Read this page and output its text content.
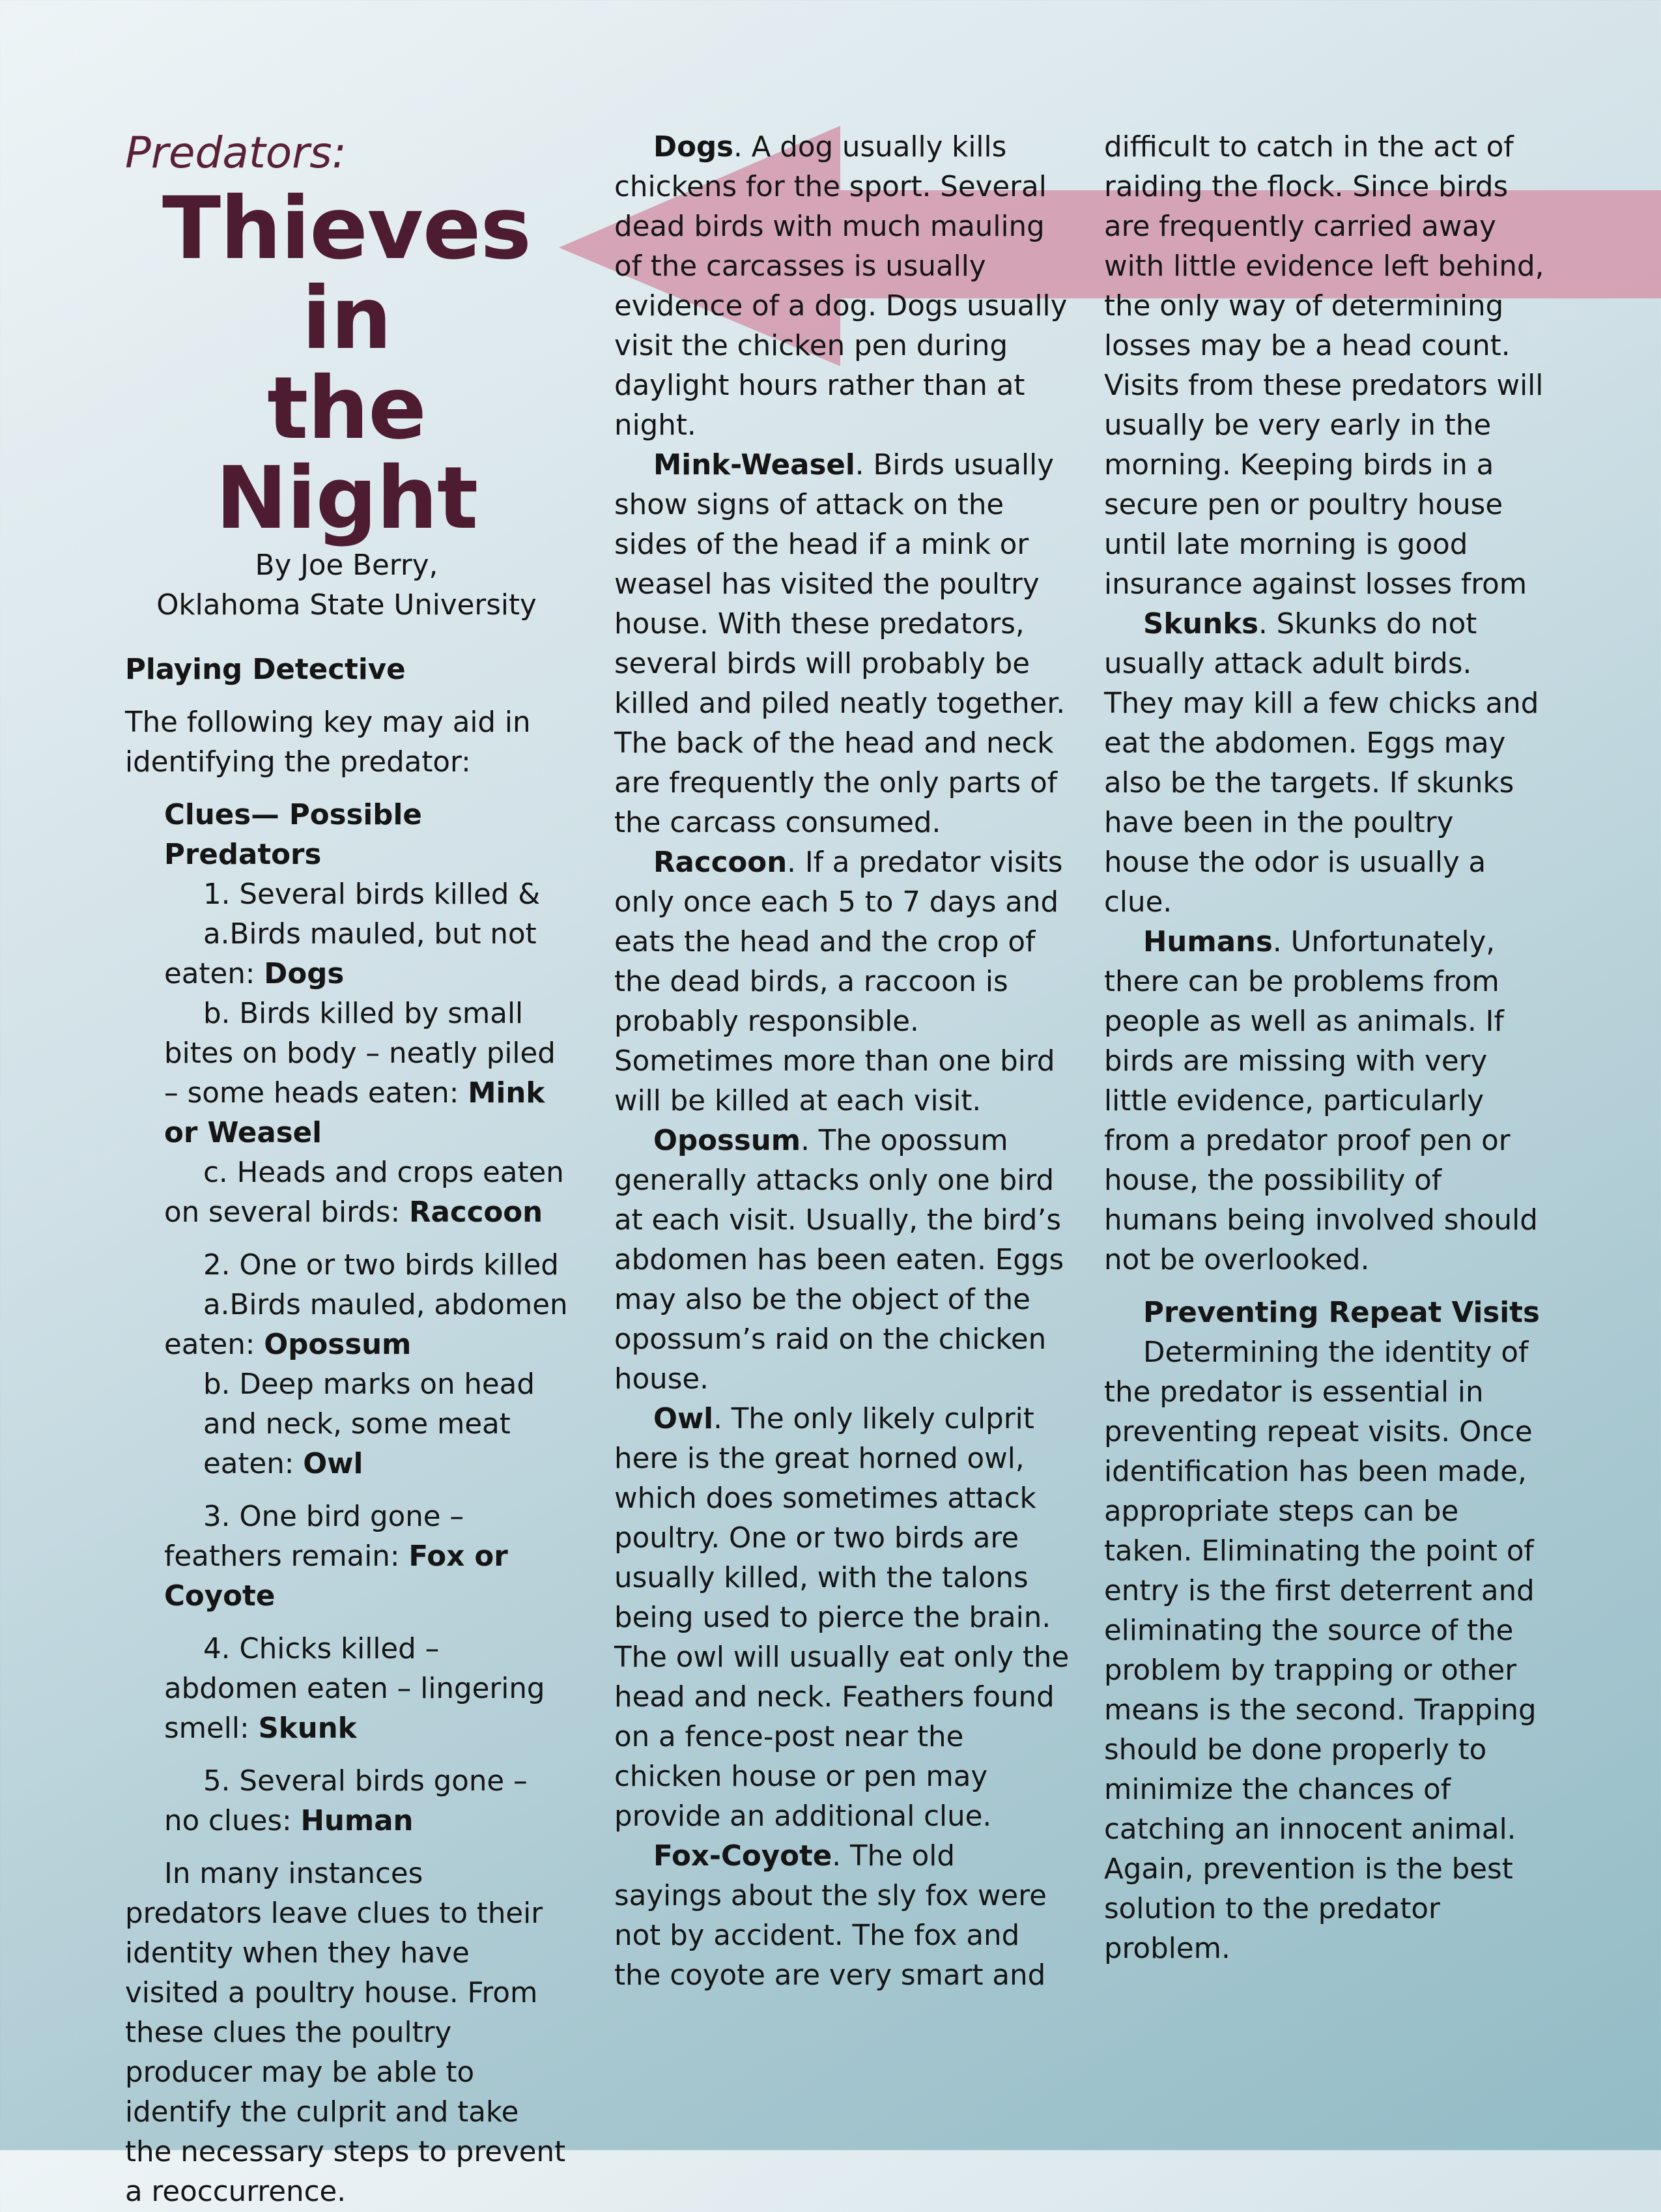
Predators:

Thieves in
the Night

By Joe Berry,
Oklahoma State University

Playing Detective

The following key may aid in identifying the predator:

Clues— Possible Predators

1. Several birds killed &

a.Birds mauled, but not eaten: Dogs

b. Birds killed by small bites on body – neatly piled – some heads eaten: Mink or Weasel

c. Heads and crops eaten on several birds: Raccoon

2. One or two birds killed

a.Birds mauled, abdomen eaten: Opossum

b. Deep marks on head and neck, some meat eaten: Owl

3. One bird gone – feathers remain: Fox or Coyote

4. Chicks killed – abdomen eaten – lingering smell: Skunk

5. Several birds gone – no clues: Human

In many instances predators leave clues to their identity when they have visited a poultry house. From these clues the poultry producer may be able to identify the culprit and take the necessary steps to prevent a reoccurrence.

Dogs. A dog usually kills chickens for the sport. Several dead birds with much mauling of the carcasses is usually evidence of a dog. Dogs usually visit the chicken pen during daylight hours rather than at night.

Mink-Weasel. Birds usually show signs of attack on the sides of the head if a mink or weasel has visited the poultry house. With these predators, several birds will probably be killed and piled neatly together. The back of the head and neck are frequently the only parts of the carcass consumed.

Raccoon. If a predator visits only once each 5 to 7 days and eats the head and the crop of the dead birds, a raccoon is probably responsible. Sometimes more than one bird will be killed at each visit.

Opossum. The opossum generally attacks only one bird at each visit. Usually, the bird’s abdomen has been eaten. Eggs may also be the object of the opossum’s raid on the chicken house.

Owl. The only likely culprit here is the great horned owl, which does sometimes attack poultry. One or two birds are usually killed, with the talons being used to pierce the brain. The owl will usually eat only the head and neck. Feathers found on a fence-post near the chicken house or pen may provide an additional clue.

Fox-Coyote. The old sayings about the sly fox were not by accident. The fox and the coyote are very smart and

difficult to catch in the act of raiding the flock. Since birds are frequently carried away with little evidence left behind, the only way of determining losses may be a head count. Visits from these predators will usually be very early in the morning. Keeping birds in a secure pen or poultry house until late morning is good insurance against losses from

Skunks. Skunks do not usually attack adult birds. They may kill a few chicks and eat the abdomen. Eggs may also be the targets. If skunks have been in the poultry house the odor is usually a clue.

Humans. Unfortunately, there can be problems from people as well as animals. If birds are missing with very little evidence, particularly from a predator proof pen or house, the possibility of humans being involved should not be overlooked.

Preventing Repeat Visits

Determining the identity of the predator is essential in preventing repeat visits. Once identification has been made, appropriate steps can be taken. Eliminating the point of entry is the first deterrent and eliminating the source of the problem by trapping or other means is the second. Trapping should be done properly to minimize the chances of catching an innocent animal. Again, prevention is the best solution to the predator problem.
